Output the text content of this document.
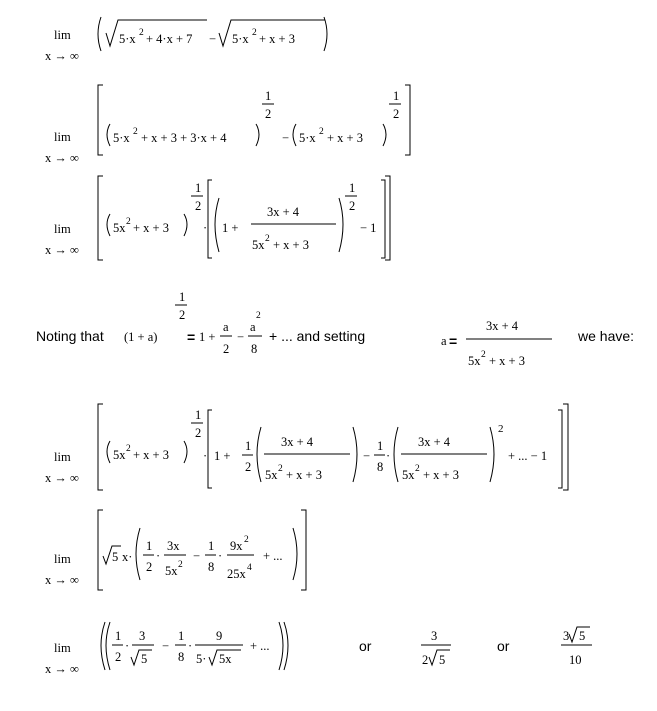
lim
x → ∞
5·x 2 + 4·x + 7 − 5·x 2 + x + 3
lim
x → ∞
5·x 2 + x + 3 + 3·x + 4
1
2
− 5·x 2 + x + 3
1
2
lim
x → ∞
5x 2 + x + 3
1
2
· 1 +
3x + 4
5x 2 + x + 3
1
2
− 1
Noting that (1 + a)
1
2
= 1 +
a
2
−
a
2
8
+ ... and setting	a =
3x + 4
5x 2 + x + 3
we have:
lim
x → ∞
5x 2 + x + 3
1
2
· 1 +
1
2
3x + 4
5x 2 + x + 3
−
1
8
·
3x + 4
5x 2 + x + 3
2
+ ... − 1
lim
x → ∞
5 x·
1
2
·
3x
5x 2
−
1
8
·
9x 2
25x 4
+ ...
lim
x → ∞
1
2
·
3
5
−
1
8
·
9
5· 5x
+ ...	or
3
2 5
or
3 5
10
